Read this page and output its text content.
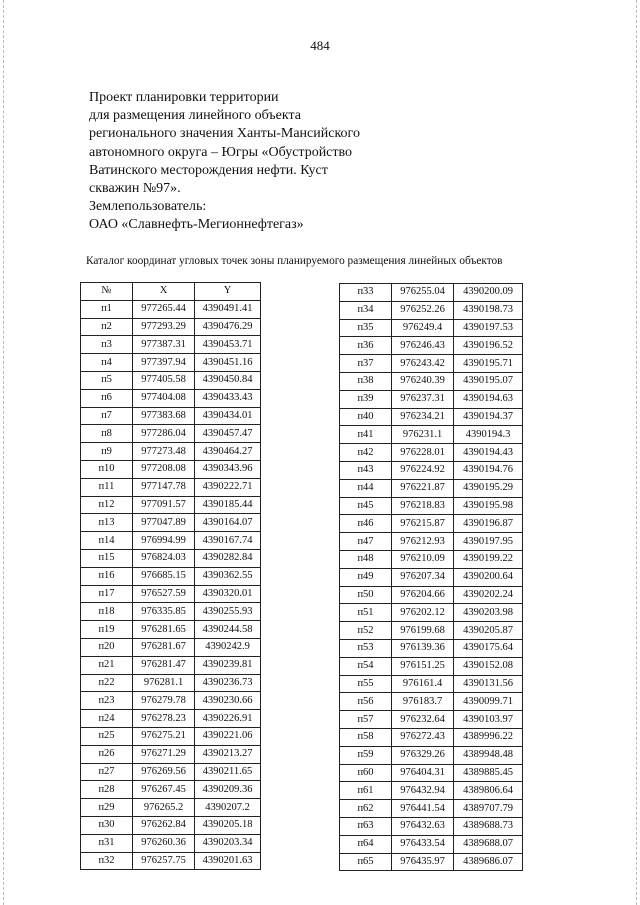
484
Проект планировки территории
для размещения линейного объекта
регионального значения Ханты-Мансийского
автономного округа – Югры «Обустройство
Ватинского месторождения нефти. Куст
скважин №97».
Землепользователь:
ОАО «Славнефть-Мегионнефтегаз»
Каталог координат угловых точек зоны планируемого размещения линейных объектов
№	X	Y
п1	977265.44	4390491.41
п2	977293.29	4390476.29
п3	977387.31	4390453.71
п4	977397.94	4390451.16
п5	977405.58	4390450.84
п6	977404.08	4390433.43
п7	977383.68	4390434.01
п8	977286.04	4390457.47
п9	977273.48	4390464.27
п10	977208.08	4390343.96
п11	977147.78	4390222.71
п12	977091.57	4390185.44
п13	977047.89	4390164.07
п14	976994.99	4390167.74
п15	976824.03	4390282.84
п16	976685.15	4390362.55
п17	976527.59	4390320.01
п18	976335.85	4390255.93
п19	976281.65	4390244.58
п20	976281.67	4390242.9
п21	976281.47	4390239.81
п22	976281.1	4390236.73
п23	976279.78	4390230.66
п24	976278.23	4390226.91
п25	976275.21	4390221.06
п26	976271.29	4390213.27
п27	976269.56	4390211.65
п28	976267.45	4390209.36
п29	976265.2	4390207.2
п30	976262.84	4390205.18
п31	976260.36	4390203.34
п32	976257.75	4390201.63
п33	976255.04	4390200.09
п34	976252.26	4390198.73
п35	976249.4	4390197.53
п36	976246.43	4390196.52
п37	976243.42	4390195.71
п38	976240.39	4390195.07
п39	976237.31	4390194.63
п40	976234.21	4390194.37
п41	976231.1	4390194.3
п42	976228.01	4390194.43
п43	976224.92	4390194.76
п44	976221.87	4390195.29
п45	976218.83	4390195.98
п46	976215.87	4390196.87
п47	976212.93	4390197.95
п48	976210.09	4390199.22
п49	976207.34	4390200.64
п50	976204.66	4390202.24
п51	976202.12	4390203.98
п52	976199.68	4390205.87
п53	976139.36	4390175.64
п54	976151.25	4390152.08
п55	976161.4	4390131.56
п56	976183.7	4390099.71
п57	976232.64	4390103.97
п58	976272.43	4389996.22
п59	976329.26	4389948.48
п60	976404.31	4389885.45
п61	976432.94	4389806.64
п62	976441.54	4389707.79
п63	976432.63	4389688.73
п64	976433.54	4389688.07
п65	976435.97	4389686.07
